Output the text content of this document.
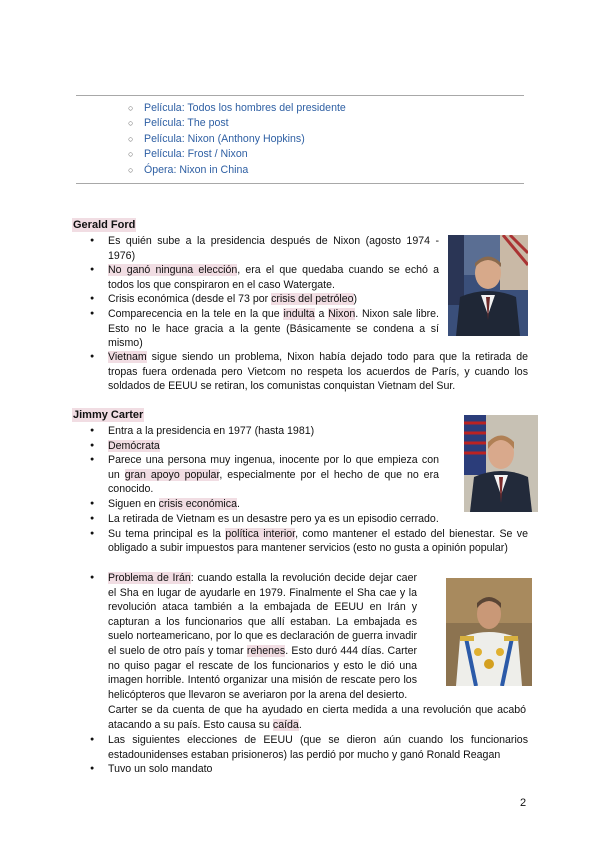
○ Película: Todos los hombres del presidente
○ Película: The post
○ Película: Nixon (Anthony Hopkins)
○ Película: Frost / Nixon
○ Ópera: Nixon in China
Gerald Ford
● Es quién sube a la presidencia después de Nixon (agosto 1974 - 1976)
● No ganó ninguna elección, era el que quedaba cuando se echó a todos los que conspiraron en el caso Watergate.
● Crisis económica (desde el 73 por crisis del petróleo)
● Comparecencia en la tele en la que indulta a Nixon. Nixon sale libre. Esto no le hace gracia a la gente (Básicamente se condena a sí mismo)
● Vietnam sigue siendo un problema, Nixon había dejado todo para que la retirada de tropas fuera ordenada pero Vietcom no respeta los acuerdos de París, y cuando los soldados de EEUU se retiran, los comunistas conquistan Vietnam del Sur.
Jimmy Carter
● Entra a la presidencia en 1977 (hasta 1981)
● Demócrata
● Parece una persona muy ingenua, inocente por lo que empieza con un gran apoyo popular, especialmente por el hecho de que no era conocido.
● Siguen en crisis económica.
● La retirada de Vietnam es un desastre pero ya es un episodio cerrado.
● Su tema principal es la política interior, como mantener el estado del bienestar. Se ve obligado a subir impuestos para mantener servicios (esto no gusta a opinión popular)
● Problema de Irán: cuando estalla la revolución decide dejar caer el Sha en lugar de ayudarle en 1979. Finalmente el Sha cae y la revolución ataca también a la embajada de EEUU en Irán y capturan a los funcionarios que allí estaban. La embajada es suelo norteamericano, por lo que es declaración de guerra invadir el suelo de otro país y tomar rehenes. Esto duró 444 días. Carter no quiso pagar el rescate de los funcionarios y esto le dió una imagen horrible. Intentó organizar una misión de rescate pero los helicópteros que llevaron se averiaron por la arena del desierto.
Carter se da cuenta de que ha ayudado en cierta medida a una revolución que acabó atacando a su país. Esto causa su caída.
● Las siguientes elecciones de EEUU (que se dieron aún cuando los funcionarios estadounidenses estaban prisioneros) las perdió por mucho y ganó Ronald Reagan
● Tuvo un solo mandato
2
